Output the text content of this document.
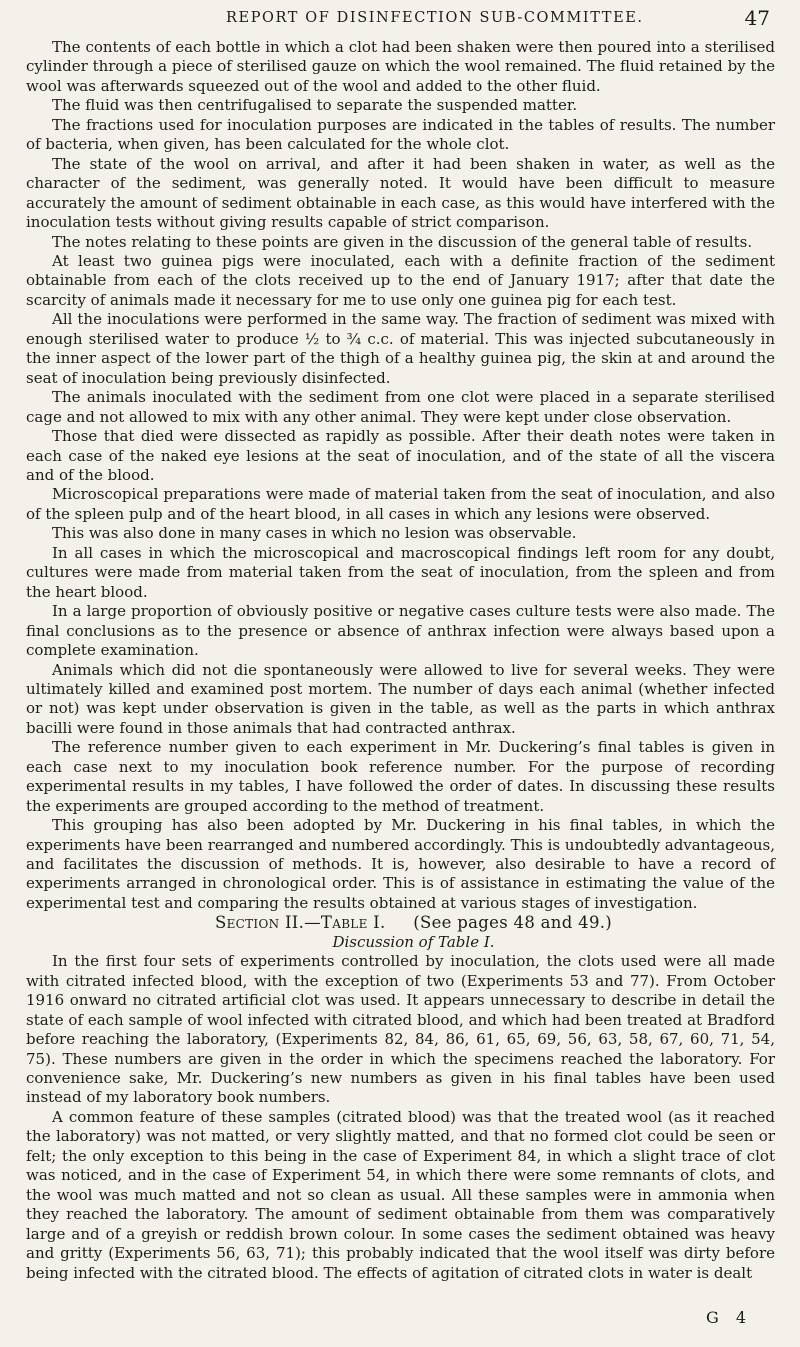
REPORT OF DISINFECTION SUB-COMMITTEE.	47

The contents of each bottle in which a clot had been shaken were then poured into a sterilised cylinder through a piece of sterilised gauze on which the wool remained. The fluid retained by the wool was afterwards squeezed out of the wool and added to the other fluid.

The fluid was then centrifugalised to separate the suspended matter.

The fractions used for inoculation purposes are indicated in the tables of results. The number of bacteria, when given, has been calculated for the whole clot.

The state of the wool on arrival, and after it had been shaken in water, as well as the character of the sediment, was generally noted. It would have been difficult to measure accurately the amount of sediment obtainable in each case, as this would have interfered with the inoculation tests without giving results capable of strict comparison.

The notes relating to these points are given in the discussion of the general table of results.

At least two guinea pigs were inoculated, each with a definite fraction of the sediment obtainable from each of the clots received up to the end of January 1917; after that date the scarcity of animals made it necessary for me to use only one guinea pig for each test.

All the inoculations were performed in the same way. The fraction of sediment was mixed with enough sterilised water to produce ½ to ¾ c.c. of material. This was injected subcutaneously in the inner aspect of the lower part of the thigh of a healthy guinea pig, the skin at and around the seat of inoculation being previously disinfected.

The animals inoculated with the sediment from one clot were placed in a separate sterilised cage and not allowed to mix with any other animal. They were kept under close observation.

Those that died were dissected as rapidly as possible. After their death notes were taken in each case of the naked eye lesions at the seat of inoculation, and of the state of all the viscera and of the blood.

Microscopical preparations were made of material taken from the seat of inoculation, and also of the spleen pulp and of the heart blood, in all cases in which any lesions were observed.

This was also done in many cases in which no lesion was observable.

In all cases in which the microscopical and macroscopical findings left room for any doubt, cultures were made from material taken from the seat of inoculation, from the spleen and from the heart blood.

In a large proportion of obviously positive or negative cases culture tests were also made. The final conclusions as to the presence or absence of anthrax infection were always based upon a complete examination.

Animals which did not die spontaneously were allowed to live for several weeks. They were ultimately killed and examined post mortem. The number of days each animal (whether infected or not) was kept under observation is given in the table, as well as the parts in which anthrax bacilli were found in those animals that had contracted anthrax.

The reference number given to each experiment in Mr. Duckering’s final tables is given in each case next to my inoculation book reference number. For the purpose of recording experimental results in my tables, I have followed the order of dates. In discussing these results the experiments are grouped according to the method of treatment.

This grouping has also been adopted by Mr. Duckering in his final tables, in which the experiments have been rearranged and numbered accordingly. This is undoubtedly advantageous, and facilitates the discussion of methods. It is, however, also desirable to have a record of experiments arranged in chronological order. This is of assistance in estimating the value of the experimental test and comparing the results obtained at various stages of investigation.

Section II.—Table I. (See pages 48 and 49.)

Discussion of Table I.

In the first four sets of experiments controlled by inoculation, the clots used were all made with citrated infected blood, with the exception of two (Experiments 53 and 77). From October 1916 onward no citrated artificial clot was used. It appears unnecessary to describe in detail the state of each sample of wool infected with citrated blood, and which had been treated at Bradford before reaching the laboratory, (Experiments 82, 84, 86, 61, 65, 69, 56, 63, 58, 67, 60, 71, 54, 75). These numbers are given in the order in which the specimens reached the laboratory. For convenience sake, Mr. Duckering’s new numbers as given in his final tables have been used instead of my laboratory book numbers.

A common feature of these samples (citrated blood) was that the treated wool (as it reached the laboratory) was not matted, or very slightly matted, and that no formed clot could be seen or felt; the only exception to this being in the case of Experiment 84, in which a slight trace of clot was noticed, and in the case of Experiment 54, in which there were some remnants of clots, and the wool was much matted and not so clean as usual. All these samples were in ammonia when they reached the laboratory. The amount of sediment obtainable from them was comparatively large and of a greyish or reddish brown colour. In some cases the sediment obtained was heavy and gritty (Experiments 56, 63, 71); this probably indicated that the wool itself was dirty before being infected with the citrated blood. The effects of agitation of citrated clots in water is dealt

G 4
